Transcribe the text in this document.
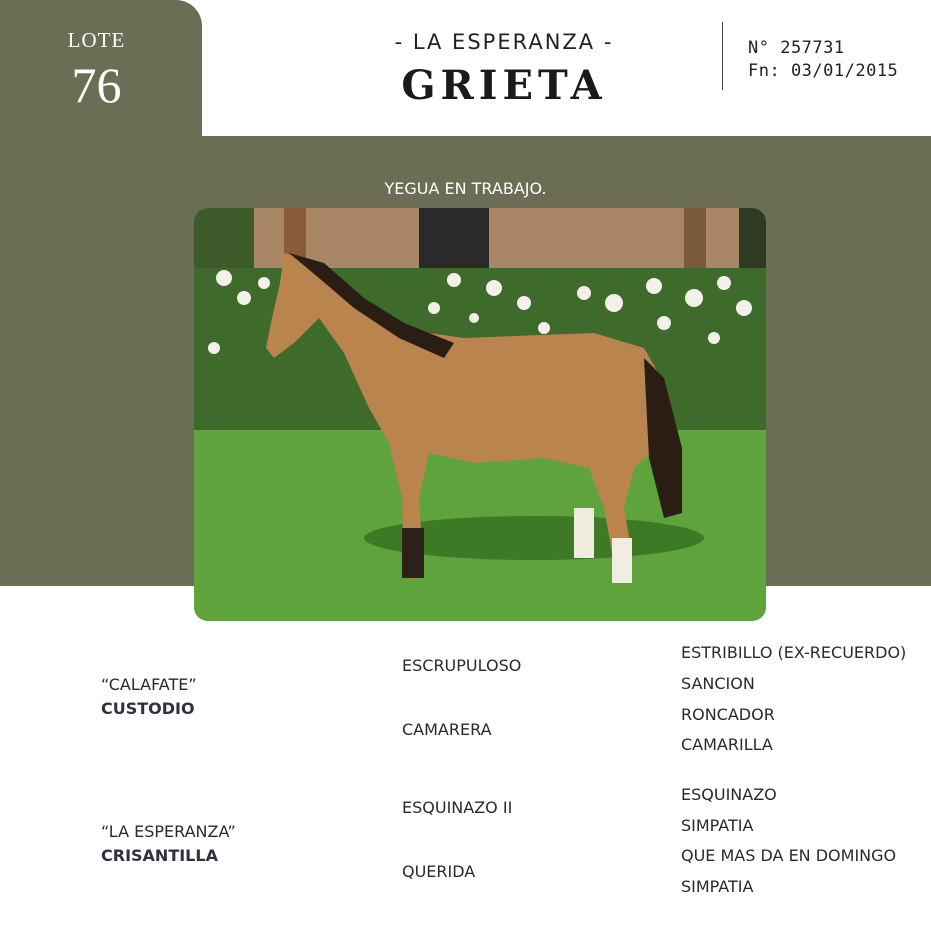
LOTE
76
- LA ESPERANZA -
GRIETA
N° 257731
Fn: 03/01/2015
YEGUA EN TRABAJO.
“CALAFATE”
CUSTODIO
“LA ESPERANZA”
CRISANTILLA
ESCRUPULOSO
CAMARERA
ESQUINAZO II
QUERIDA
ESTRIBILLO (EX-RECUERDO)
SANCION
RONCADOR
CAMARILLA
ESQUINAZO
SIMPATIA
QUE MAS DA EN DOMINGO
SIMPATIA
